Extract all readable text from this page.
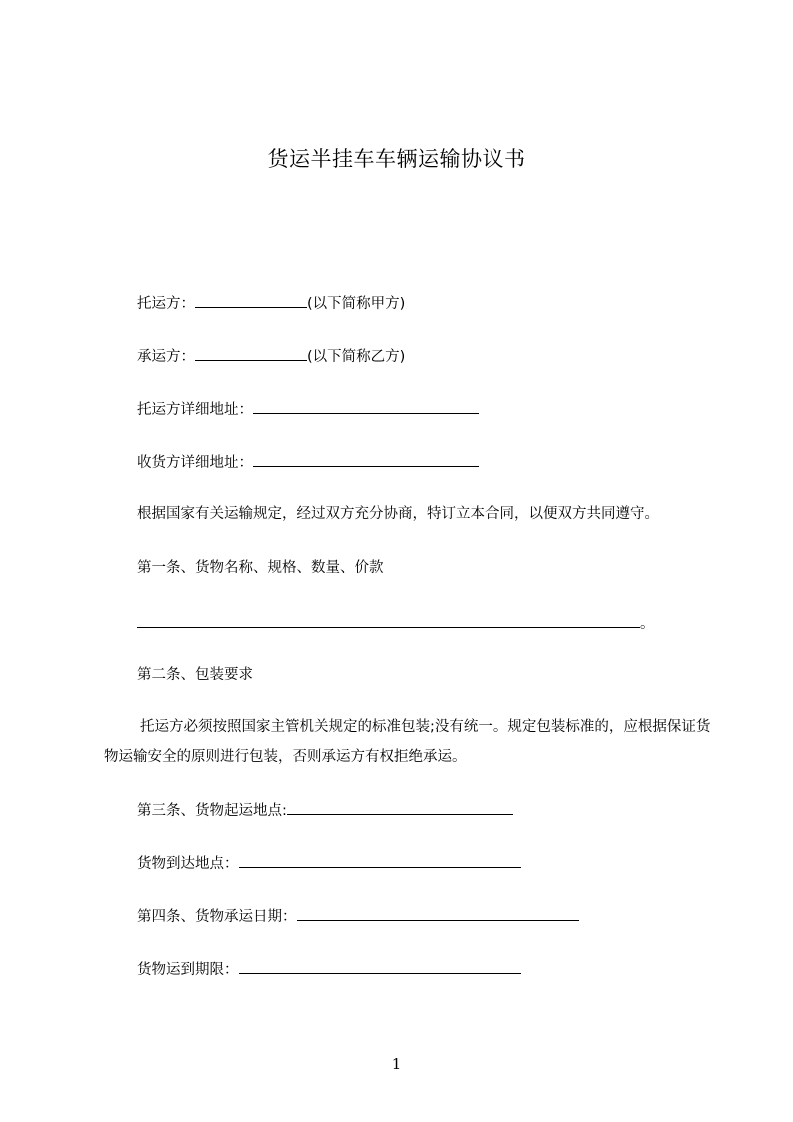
货运半挂车车辆运输协议书
托运方：	(以下简称甲方)
承运方：	(以下简称乙方)
托运方详细地址：
收货方详细地址：
根据国家有关运输规定，经过双方充分协商，特订立本合同，以便双方共同遵守。
第一条、货物名称、规格、数量、价款
。
第二条、包装要求

托运方必须按照国家主管机关规定的标准包装;没有统一。规定包装标准的，应根据保证货物运输安全的原则进行包装，否则承运方有权拒绝承运。

第三条、货物起运地点:
货物到达地点：
第四条、货物承运日期：
货物运到期限：
1
